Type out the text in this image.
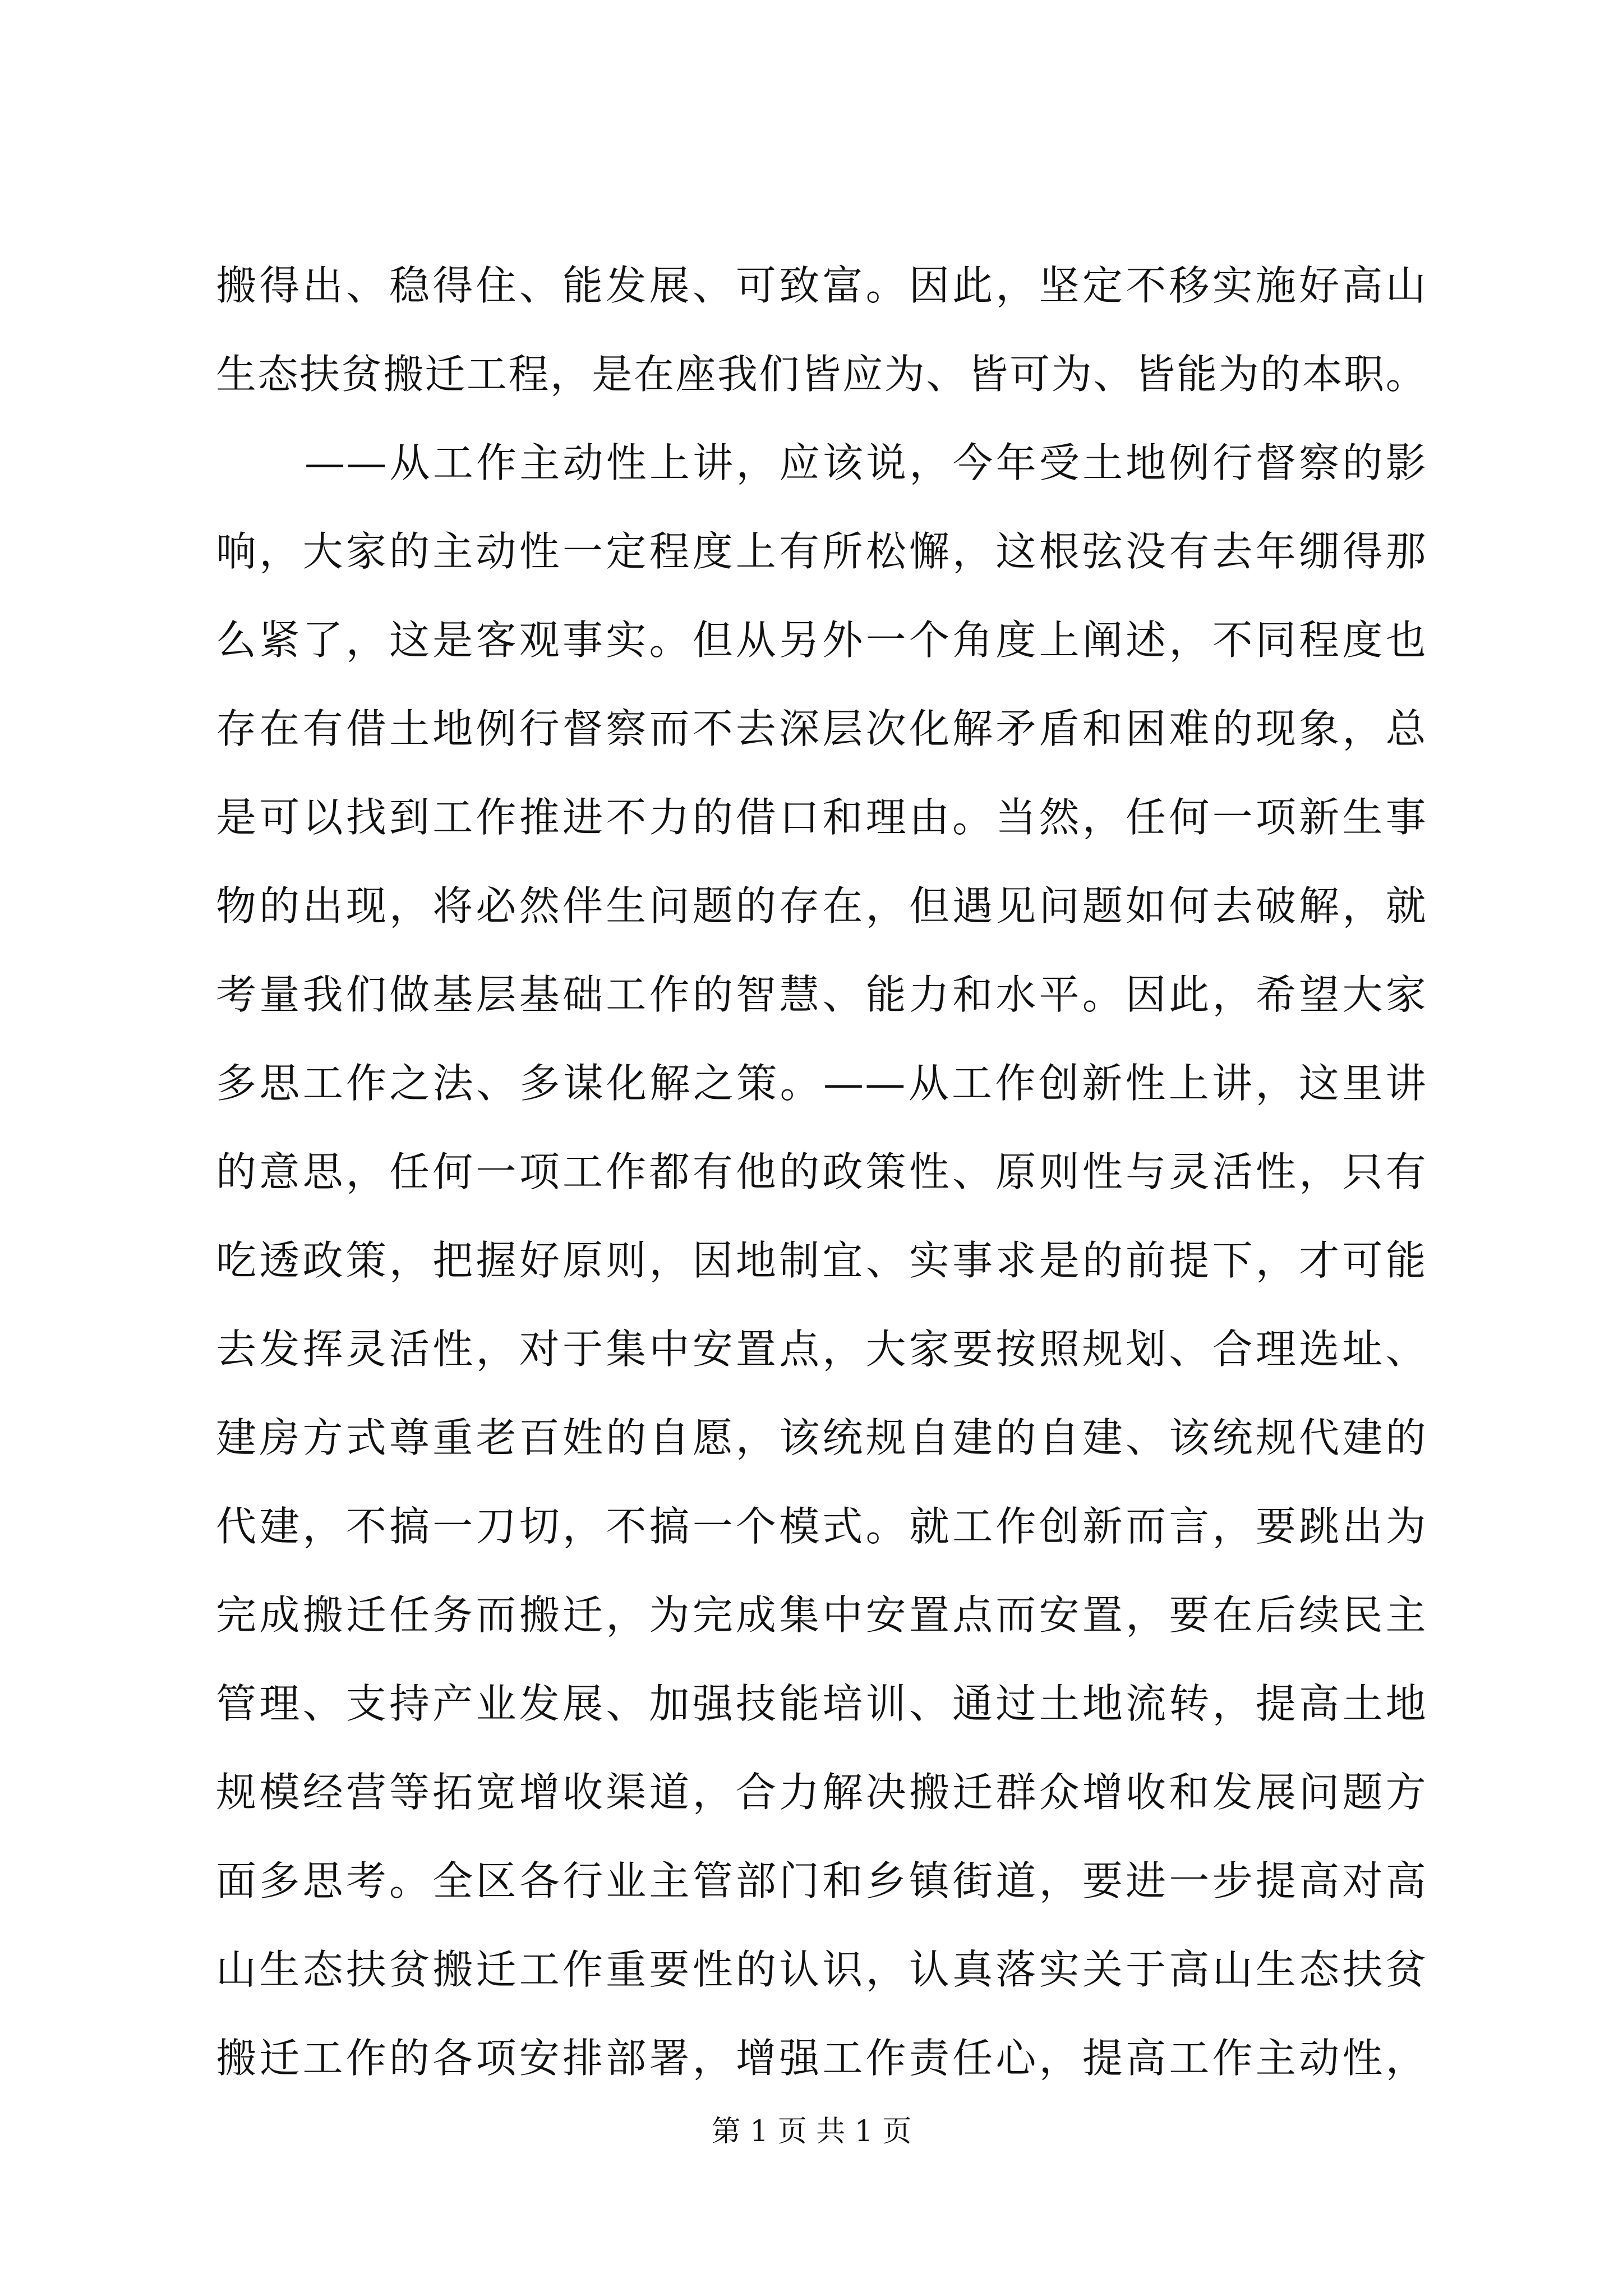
搬得出、稳得住、能发展、可致富。因此，坚定不移实施好高山
生态扶贫搬迁工程，是在座我们皆应为、皆可为、皆能为的本职。
——从工作主动性上讲，应该说，今年受土地例行督察的影
响，大家的主动性一定程度上有所松懈，这根弦没有去年绷得那
么紧了，这是客观事实。但从另外一个角度上阐述，不同程度也
存在有借土地例行督察而不去深层次化解矛盾和困难的现象，总
是可以找到工作推进不力的借口和理由。当然，任何一项新生事
物的出现，将必然伴生问题的存在，但遇见问题如何去破解，就
考量我们做基层基础工作的智慧、能力和水平。因此，希望大家
多思工作之法、多谋化解之策。——从工作创新性上讲，这里讲
的意思，任何一项工作都有他的政策性、原则性与灵活性，只有
吃透政策，把握好原则，因地制宜、实事求是的前提下，才可能
去发挥灵活性，对于集中安置点，大家要按照规划、合理选址、
建房方式尊重老百姓的自愿，该统规自建的自建、该统规代建的
代建，不搞一刀切，不搞一个模式。就工作创新而言，要跳出为
完成搬迁任务而搬迁，为完成集中安置点而安置，要在后续民主
管理、支持产业发展、加强技能培训、通过土地流转，提高土地
规模经营等拓宽增收渠道，合力解决搬迁群众增收和发展问题方
面多思考。全区各行业主管部门和乡镇街道，要进一步提高对高
山生态扶贫搬迁工作重要性的认识，认真落实关于高山生态扶贫
搬迁工作的各项安排部署，增强工作责任心，提高工作主动性，
第 1 页 共 1 页
